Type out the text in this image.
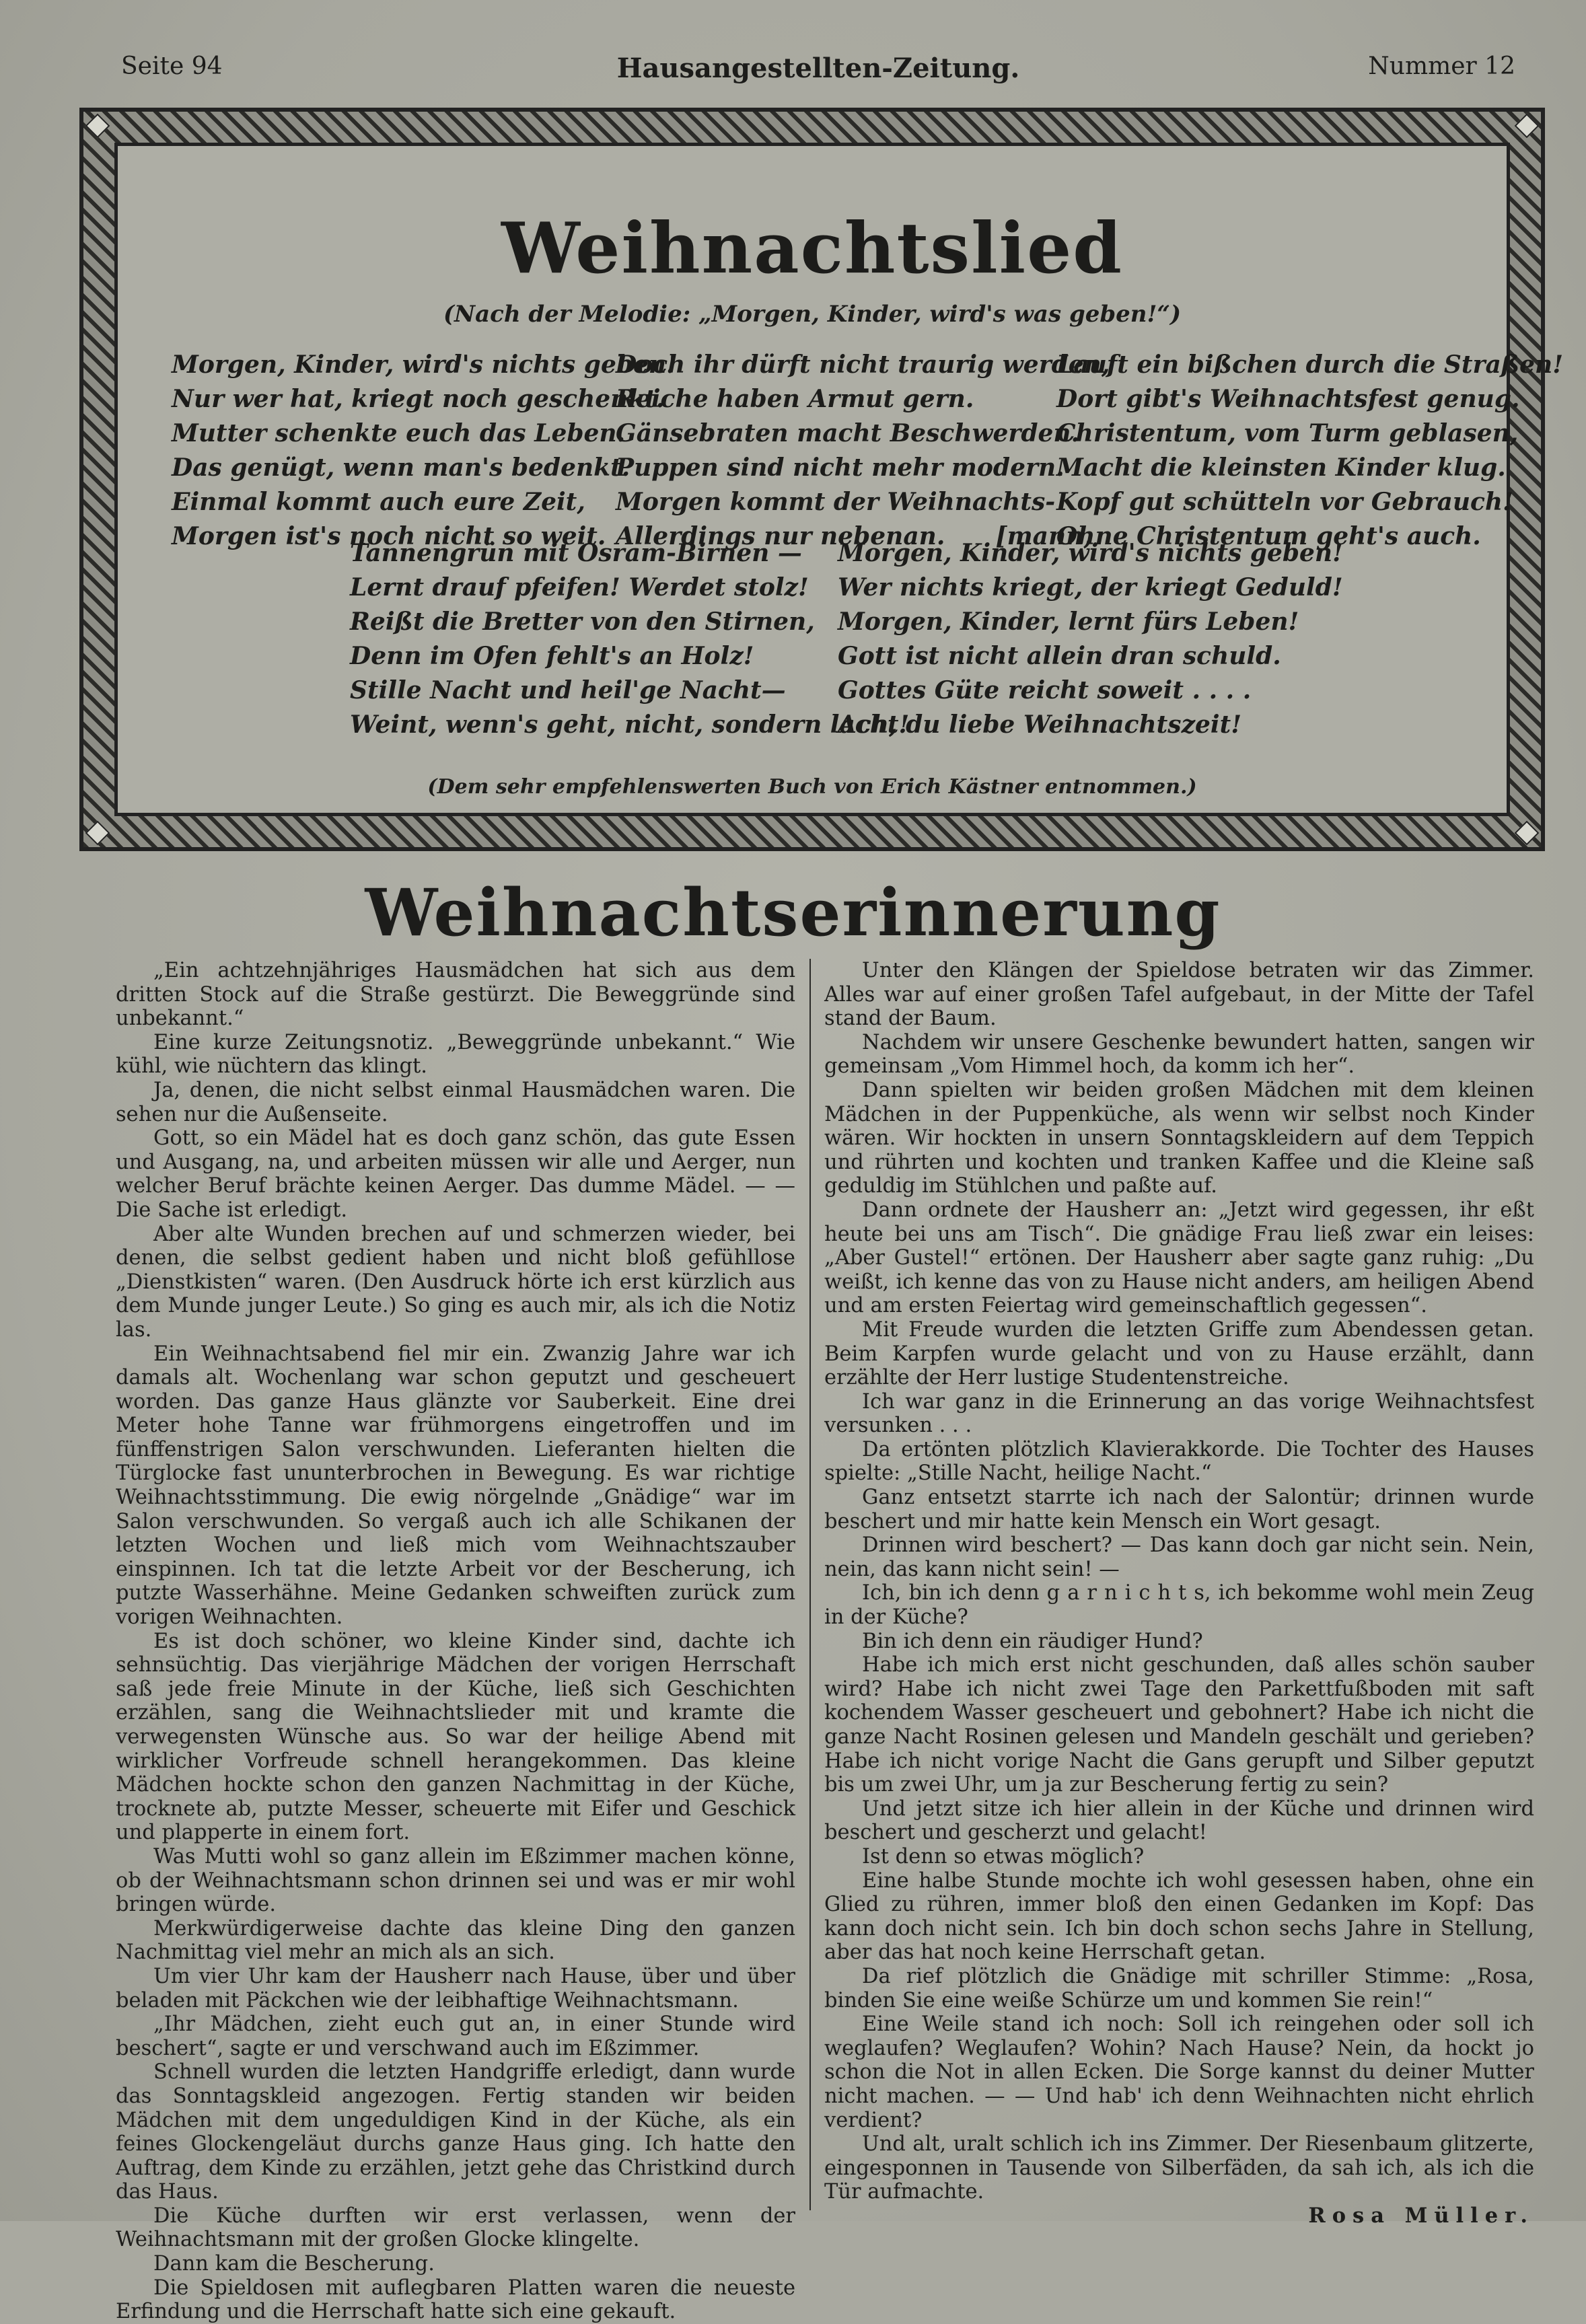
Seite 94	Hausangestellten-Zeitung.	Nummer 12
Weihnachtslied
(Nach der Melodie: „Morgen, Kinder, wird's was geben!“)
Morgen, Kinder, wird's nichts geben!
Nur wer hat, kriegt noch geschenkt.
Mutter schenkte euch das Leben.
Das genügt, wenn man's bedenkt.
Einmal kommt auch eure Zeit,
Morgen ist's noch nicht so weit.
Doch ihr dürft nicht traurig werden,
Reiche haben Armut gern.
Gänsebraten macht Beschwerden.
Puppen sind nicht mehr modern.
Morgen kommt der Weihnachts-
Allerdings nur nebenan.      [mann,
Lauft ein bißchen durch die Straßen!
Dort gibt's Weihnachtsfest genug.
Christentum, vom Turm geblasen,
Macht die kleinsten Kinder klug.
Kopf gut schütteln vor Gebrauch!
Ohne Christentum geht's auch.
Tannengrün mit Osram-Birnen —
Lernt drauf pfeifen! Werdet stolz!
Reißt die Bretter von den Stirnen,
Denn im Ofen fehlt's an Holz!
Stille Nacht und heil'ge Nacht—
Weint, wenn's geht, nicht, sondern lacht!
Morgen, Kinder, wird's nichts geben!
Wer nichts kriegt, der kriegt Geduld!
Morgen, Kinder, lernt fürs Leben!
Gott ist nicht allein dran schuld.
Gottes Güte reicht soweit . . . .
Ach, du liebe Weihnachtszeit!
(Dem sehr empfehlenswerten Buch von Erich Kästner entnommen.)
Weihnachtserinnerung

„Ein achtzehnjähriges Hausmädchen hat sich aus dem dritten Stock auf die Straße gestürzt. Die Beweggründe sind unbekannt.“

Eine kurze Zeitungsnotiz. „Beweggründe unbekannt.“ Wie kühl, wie nüchtern das klingt.

Ja, denen, die nicht selbst einmal Hausmädchen waren. Die sehen nur die Außenseite.

Gott, so ein Mädel hat es doch ganz schön, das gute Essen und Ausgang, na, und arbeiten müssen wir alle und Aerger, nun welcher Beruf brächte keinen Aerger. Das dumme Mädel. — — Die Sache ist erledigt.

Aber alte Wunden brechen auf und schmerzen wieder, bei denen, die selbst gedient haben und nicht bloß gefühllose „Dienstkisten“ waren. (Den Ausdruck hörte ich erst kürzlich aus dem Munde junger Leute.) So ging es auch mir, als ich die Notiz las.

Ein Weihnachtsabend fiel mir ein. Zwanzig Jahre war ich damals alt. Wochenlang war schon geputzt und gescheuert worden. Das ganze Haus glänzte vor Sauberkeit. Eine drei Meter hohe Tanne war frühmorgens eingetroffen und im fünffenstrigen Salon verschwunden. Lieferanten hielten die Türglocke fast ununterbrochen in Bewegung. Es war richtige Weihnachtsstimmung. Die ewig nörgelnde „Gnädige“ war im Salon verschwunden. So vergaß auch ich alle Schikanen der letzten Wochen und ließ mich vom Weihnachtszauber einspinnen. Ich tat die letzte Arbeit vor der Bescherung, ich putzte Wasserhähne. Meine Gedanken schweiften zurück zum vorigen Weihnachten.

Es ist doch schöner, wo kleine Kinder sind, dachte ich sehnsüchtig. Das vierjährige Mädchen der vorigen Herrschaft saß jede freie Minute in der Küche, ließ sich Geschichten erzählen, sang die Weihnachtslieder mit und kramte die verwegensten Wünsche aus. So war der heilige Abend mit wirklicher Vorfreude schnell herangekommen. Das kleine Mädchen hockte schon den ganzen Nachmittag in der Küche, trocknete ab, putzte Messer, scheuerte mit Eifer und Geschick und plapperte in einem fort.

Was Mutti wohl so ganz allein im Eßzimmer machen könne, ob der Weihnachtsmann schon drinnen sei und was er mir wohl bringen würde.

Merkwürdigerweise dachte das kleine Ding den ganzen Nachmittag viel mehr an mich als an sich.

Um vier Uhr kam der Hausherr nach Hause, über und über beladen mit Päckchen wie der leibhaftige Weihnachtsmann.

„Ihr Mädchen, zieht euch gut an, in einer Stunde wird beschert“, sagte er und verschwand auch im Eßzimmer.

Schnell wurden die letzten Handgriffe erledigt, dann wurde das Sonntagskleid angezogen. Fertig standen wir beiden Mädchen mit dem ungeduldigen Kind in der Küche, als ein feines Glockengeläut durchs ganze Haus ging. Ich hatte den Auftrag, dem Kinde zu erzählen, jetzt gehe das Christkind durch das Haus.

Die Küche durften wir erst verlassen, wenn der Weihnachtsmann mit der großen Glocke klingelte.

Dann kam die Bescherung.

Die Spieldosen mit auflegbaren Platten waren die neueste Erfindung und die Herrschaft hatte sich eine gekauft.

Unter den Klängen der Spieldose betraten wir das Zimmer. Alles war auf einer großen Tafel aufgebaut, in der Mitte der Tafel stand der Baum.

Nachdem wir unsere Geschenke bewundert hatten, sangen wir gemeinsam „Vom Himmel hoch, da komm ich her“.

Dann spielten wir beiden großen Mädchen mit dem kleinen Mädchen in der Puppenküche, als wenn wir selbst noch Kinder wären. Wir hockten in unsern Sonntagskleidern auf dem Teppich und rührten und kochten und tranken Kaffee und die Kleine saß geduldig im Stühlchen und paßte auf.

Dann ordnete der Hausherr an: „Jetzt wird gegessen, ihr eßt heute bei uns am Tisch“. Die gnädige Frau ließ zwar ein leises: „Aber Gustel!“ ertönen. Der Hausherr aber sagte ganz ruhig: „Du weißt, ich kenne das von zu Hause nicht anders, am heiligen Abend und am ersten Feiertag wird gemeinschaftlich gegessen“.

Mit Freude wurden die letzten Griffe zum Abendessen getan. Beim Karpfen wurde gelacht und von zu Hause erzählt, dann erzählte der Herr lustige Studentenstreiche.

Ich war ganz in die Erinnerung an das vorige Weihnachtsfest versunken . . .

Da ertönten plötzlich Klavierakkorde. Die Tochter des Hauses spielte: „Stille Nacht, heilige Nacht.“

Ganz entsetzt starrte ich nach der Salontür; drinnen wurde beschert und mir hatte kein Mensch ein Wort gesagt.

Drinnen wird beschert? — Das kann doch gar nicht sein. Nein, nein, das kann nicht sein! —

Ich, bin ich denn g a r n i c h t s, ich bekomme wohl mein Zeug in der Küche?

Bin ich denn ein räudiger Hund?

Habe ich mich erst nicht geschunden, daß alles schön sauber wird? Habe ich nicht zwei Tage den Parkettfußboden mit saft kochendem Wasser gescheuert und gebohnert? Habe ich nicht die ganze Nacht Rosinen gelesen und Mandeln geschält und gerieben? Habe ich nicht vorige Nacht die Gans gerupft und Silber geputzt bis um zwei Uhr, um ja zur Bescherung fertig zu sein?

Und jetzt sitze ich hier allein in der Küche und drinnen wird beschert und gescherzt und gelacht!

Ist denn so etwas möglich?

Eine halbe Stunde mochte ich wohl gesessen haben, ohne ein Glied zu rühren, immer bloß den einen Gedanken im Kopf: Das kann doch nicht sein. Ich bin doch schon sechs Jahre in Stellung, aber das hat noch keine Herrschaft getan.

Da rief plötzlich die Gnädige mit schriller Stimme: „Rosa, binden Sie eine weiße Schürze um und kommen Sie rein!“

Eine Weile stand ich noch: Soll ich reingehen oder soll ich weglaufen? Weglaufen? Wohin? Nach Hause? Nein, da hockt jo schon die Not in allen Ecken. Die Sorge kannst du deiner Mutter nicht machen. — — Und hab' ich denn Weihnachten nicht ehrlich verdient?

Und alt, uralt schlich ich ins Zimmer. Der Riesenbaum glitzerte, eingesponnen in Tausende von Silberfäden, da sah ich, als ich die Tür aufmachte.

Rosa Müller.
